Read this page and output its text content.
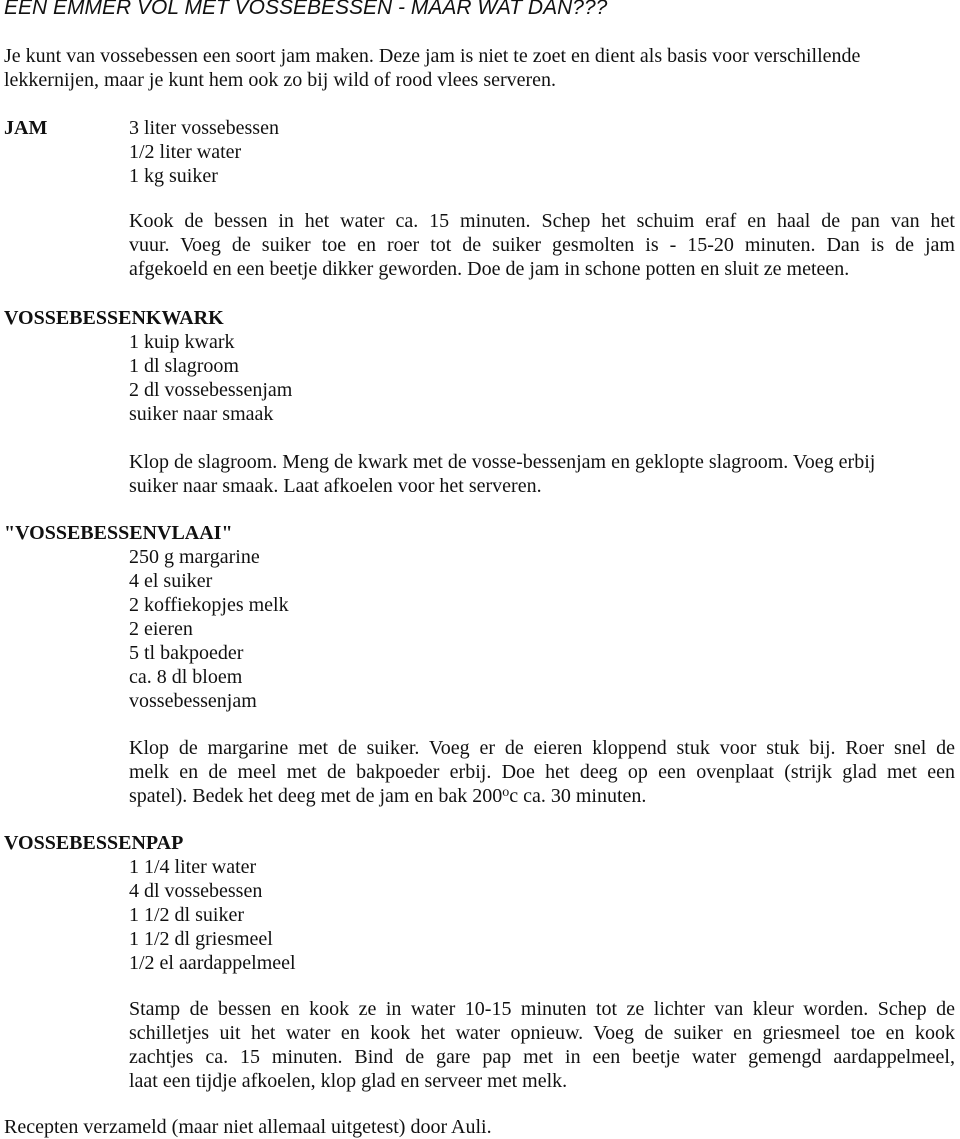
EEN EMMER VOL MET VOSSEBESSEN - MAAR WAT DAN???
Je kunt van vossebessen een soort jam maken. Deze jam is niet te zoet en dient als basis voor verschillende
lekkernijen, maar je kunt hem ook zo bij wild of rood vlees serveren.
JAM	3 liter vossebessen
1/2 liter water
1 kg suiker
Kook de bessen in het water ca. 15 minuten. Schep het schuim eraf en haal de pan van het
vuur. Voeg de suiker toe en roer tot de suiker gesmolten is - 15-20 minuten. Dan is de jam
afgekoeld en een beetje dikker geworden. Doe de jam in schone potten en sluit ze meteen.
VOSSEBESSENKWARK
1 kuip kwark
1 dl slagroom
2 dl vossebessenjam
suiker naar smaak
Klop de slagroom. Meng de kwark met de vosse-bessenjam en geklopte slagroom. Voeg erbij
suiker naar smaak. Laat afkoelen voor het serveren.
"VOSSEBESSENVLAAI"
250 g margarine
4 el suiker
2 koffiekopjes melk
2 eieren
5 tl bakpoeder
ca. 8 dl bloem
vossebessenjam
Klop de margarine met de suiker. Voeg er de eieren kloppend stuk voor stuk bij. Roer snel de
melk en de meel met de bakpoeder erbij. Doe het deeg op een ovenplaat (strijk glad met een
spatel). Bedek het deeg met de jam en bak 200$^o$c ca. 30 minuten.
VOSSEBESSENPAP
1 1/4 liter water
4 dl vossebessen
1 1/2 dl suiker
1 1/2 dl griesmeel
1/2 el aardappelmeel
Stamp de bessen en kook ze in water 10-15 minuten tot ze lichter van kleur worden. Schep de
schilletjes uit het water en kook het water opnieuw. Voeg de suiker en griesmeel toe en kook
zachtjes ca. 15 minuten. Bind de gare pap met in een beetje water gemengd aardappelmeel,
laat een tijdje afkoelen, klop glad en serveer met melk.
Recepten verzameld (maar niet allemaal uitgetest) door Auli.
